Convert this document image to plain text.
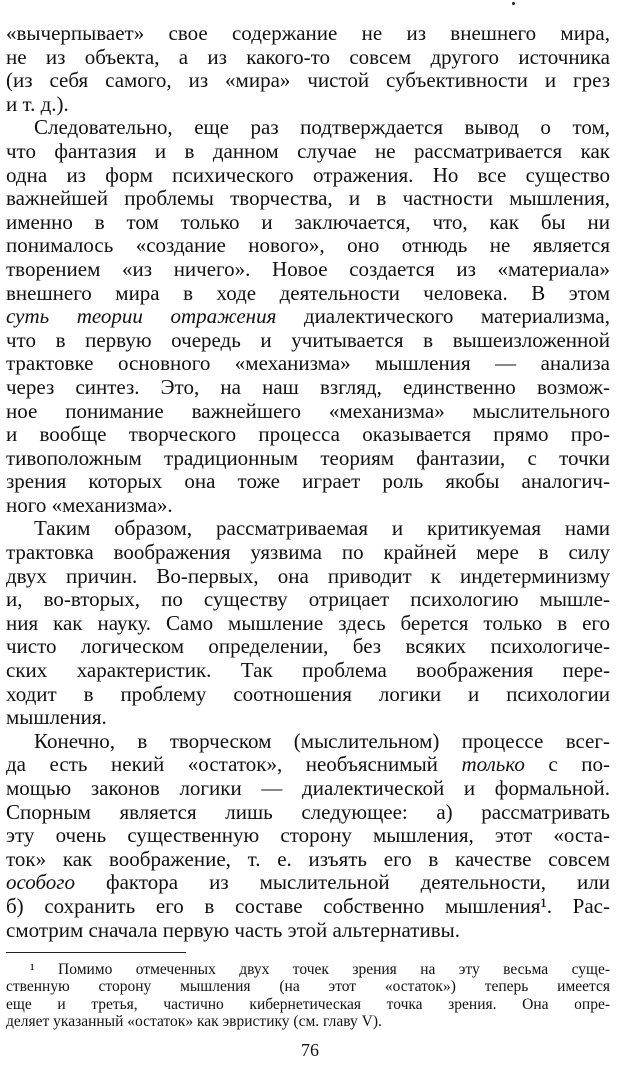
«вычерпывает» свое содержание не из внешнего мира,
не из объекта, а из какого-то совсем другого источника
(из себя самого, из «мира» чистой субъективности и грез
и т. д.).
Следовательно, еще раз подтверждается вывод о том,
что фантазия и в данном случае не рассматривается как
одна из форм психического отражения. Но все существо
важнейшей проблемы творчества, и в частности мышления,
именно в том только и заключается, что, как бы ни
понималось «создание нового», оно отнюдь не является
творением «из ничего». Новое создается из «материала»
внешнего мира в ходе деятельности человека. В этом
суть теории отражения диалектического материализма,
что в первую очередь и учитывается в вышеизложенной
трактовке основного «механизма» мышления — анализа
через синтез. Это, на наш взгляд, единственно возмож-
ное понимание важнейшего «механизма» мыслительного
и вообще творческого процесса оказывается прямо про-
тивоположным традиционным теориям фантазии, с точки
зрения которых она тоже играет роль якобы аналогич-
ного «механизма».
Таким образом, рассматриваемая и критикуемая нами
трактовка воображения уязвима по крайней мере в силу
двух причин. Во-первых, она приводит к индетерминизму
и, во-вторых, по существу отрицает психологию мышле-
ния как науку. Само мышление здесь берется только в его
чисто логическом определении, без всяких психологиче-
ских характеристик. Так проблема воображения пере-
ходит в проблему соотношения логики и психологии
мышления.
Конечно, в творческом (мыслительном) процессе всег-
да есть некий «остаток», необъяснимый только с по-
мощью законов логики — диалектической и формальной.
Спорным является лишь следующее: а) рассматривать
эту очень существенную сторону мышления, этот «оста-
ток» как воображение, т. е. изъять его в качестве совсем
особого фактора из мыслительной деятельности, или
б) сохранить его в составе собственно мышления¹. Рас-
смотрим сначала первую часть этой альтернативы.
¹ Помимо отмеченных двух точек зрения на эту весьма суще-
ственную сторону мышления (на этот «остаток») теперь имеется
еще и третья, частично кибернетическая точка зрения. Она опре-
деляет указанный «остаток» как эвристику (см. главу V).
76
